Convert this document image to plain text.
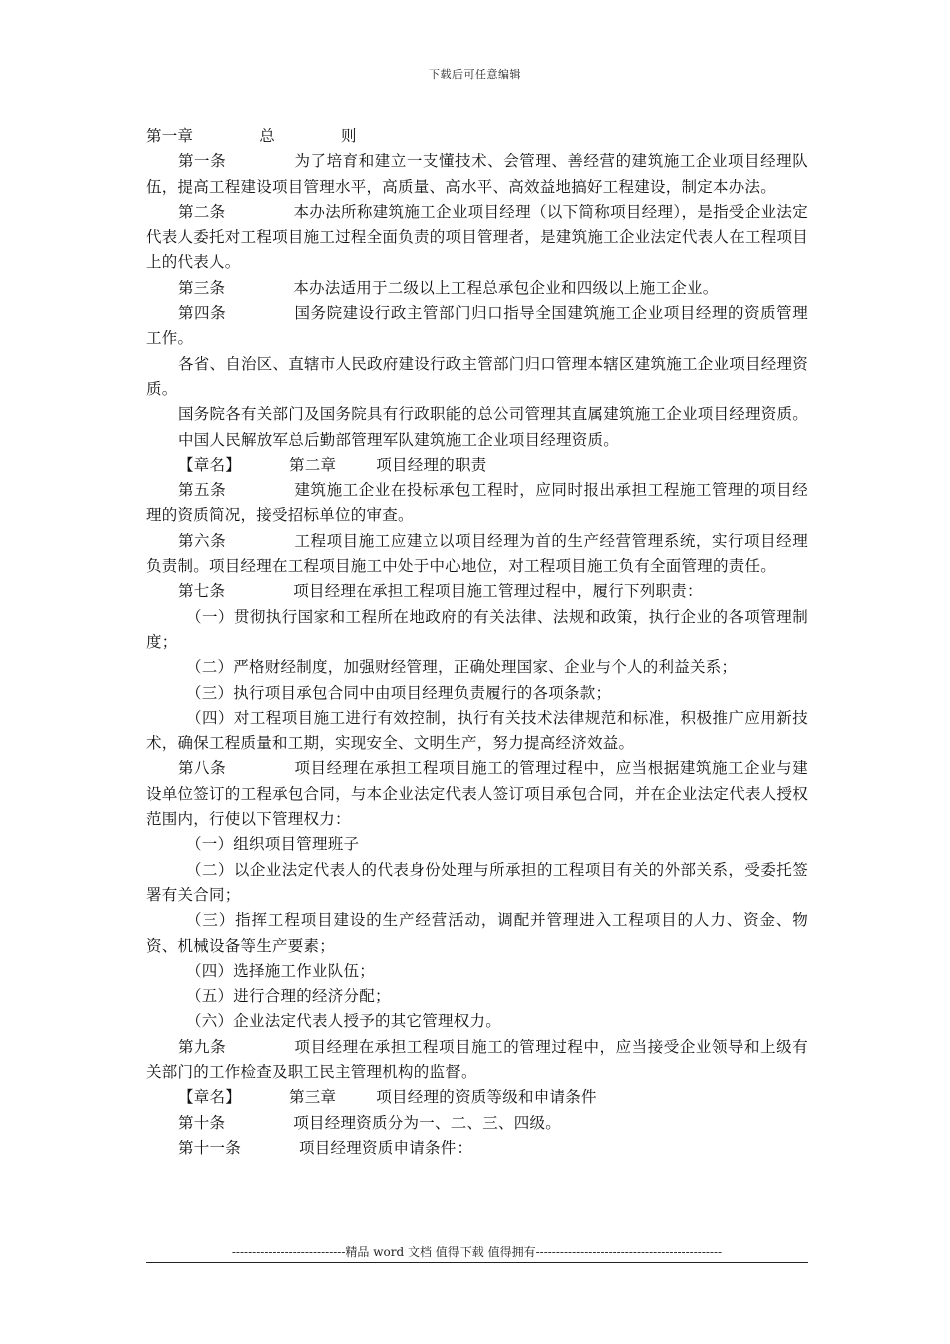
下载后可任意编辑

第一章	总	则

第一条	为了培育和建立一支懂技术、会管理、善经营的建筑施工企业项目经理队伍，提高工程建设项目管理水平，高质量、高水平、高效益地搞好工程建设，制定本办法。

第二条	本办法所称建筑施工企业项目经理（以下简称项目经理），是指受企业法定代表人委托对工程项目施工过程全面负责的项目管理者，是建筑施工企业法定代表人在工程项目上的代表人。

第三条	本办法适用于二级以上工程总承包企业和四级以上施工企业。

第四条	国务院建设行政主管部门归口指导全国建筑施工企业项目经理的资质管理工作。

各省、自治区、直辖市人民政府建设行政主管部门归口管理本辖区建筑施工企业项目经理资质。

国务院各有关部门及国务院具有行政职能的总公司管理其直属建筑施工企业项目经理资质。

中国人民解放军总后勤部管理军队建筑施工企业项目经理资质。

【章名】	第二章	项目经理的职责

第五条	建筑施工企业在投标承包工程时，应同时报出承担工程施工管理的项目经理的资质简况，接受招标单位的审查。

第六条	工程项目施工应建立以项目经理为首的生产经营管理系统，实行项目经理负责制。项目经理在工程项目施工中处于中心地位，对工程项目施工负有全面管理的责任。

第七条	项目经理在承担工程项目施工管理过程中，履行下列职责：

（一）贯彻执行国家和工程所在地政府的有关法律、法规和政策，执行企业的各项管理制度；

（二）严格财经制度，加强财经管理，正确处理国家、企业与个人的利益关系；

（三）执行项目承包合同中由项目经理负责履行的各项条款；

（四）对工程项目施工进行有效控制，执行有关技术法律规范和标准，积极推广应用新技术，确保工程质量和工期，实现安全、文明生产，努力提高经济效益。

第八条	项目经理在承担工程项目施工的管理过程中，应当根据建筑施工企业与建设单位签订的工程承包合同，与本企业法定代表人签订项目承包合同，并在企业法定代表人授权范围内，行使以下管理权力：

（一）组织项目管理班子

（二）以企业法定代表人的代表身份处理与所承担的工程项目有关的外部关系，受委托签署有关合同；

（三）指挥工程项目建设的生产经营活动，调配并管理进入工程项目的人力、资金、物资、机械设备等生产要素；

（四）选择施工作业队伍；

（五）进行合理的经济分配；

（六）企业法定代表人授予的其它管理权力。

第九条	项目经理在承担工程项目施工的管理过程中，应当接受企业领导和上级有关部门的工作检查及职工民主管理机构的监督。

【章名】	第三章	项目经理的资质等级和申请条件

第十条	项目经理资质分为一、二、三、四级。

第十一条	项目经理资质申请条件：

----------------------------精品 word 文档 值得下载 值得拥有----------------------------------------------
